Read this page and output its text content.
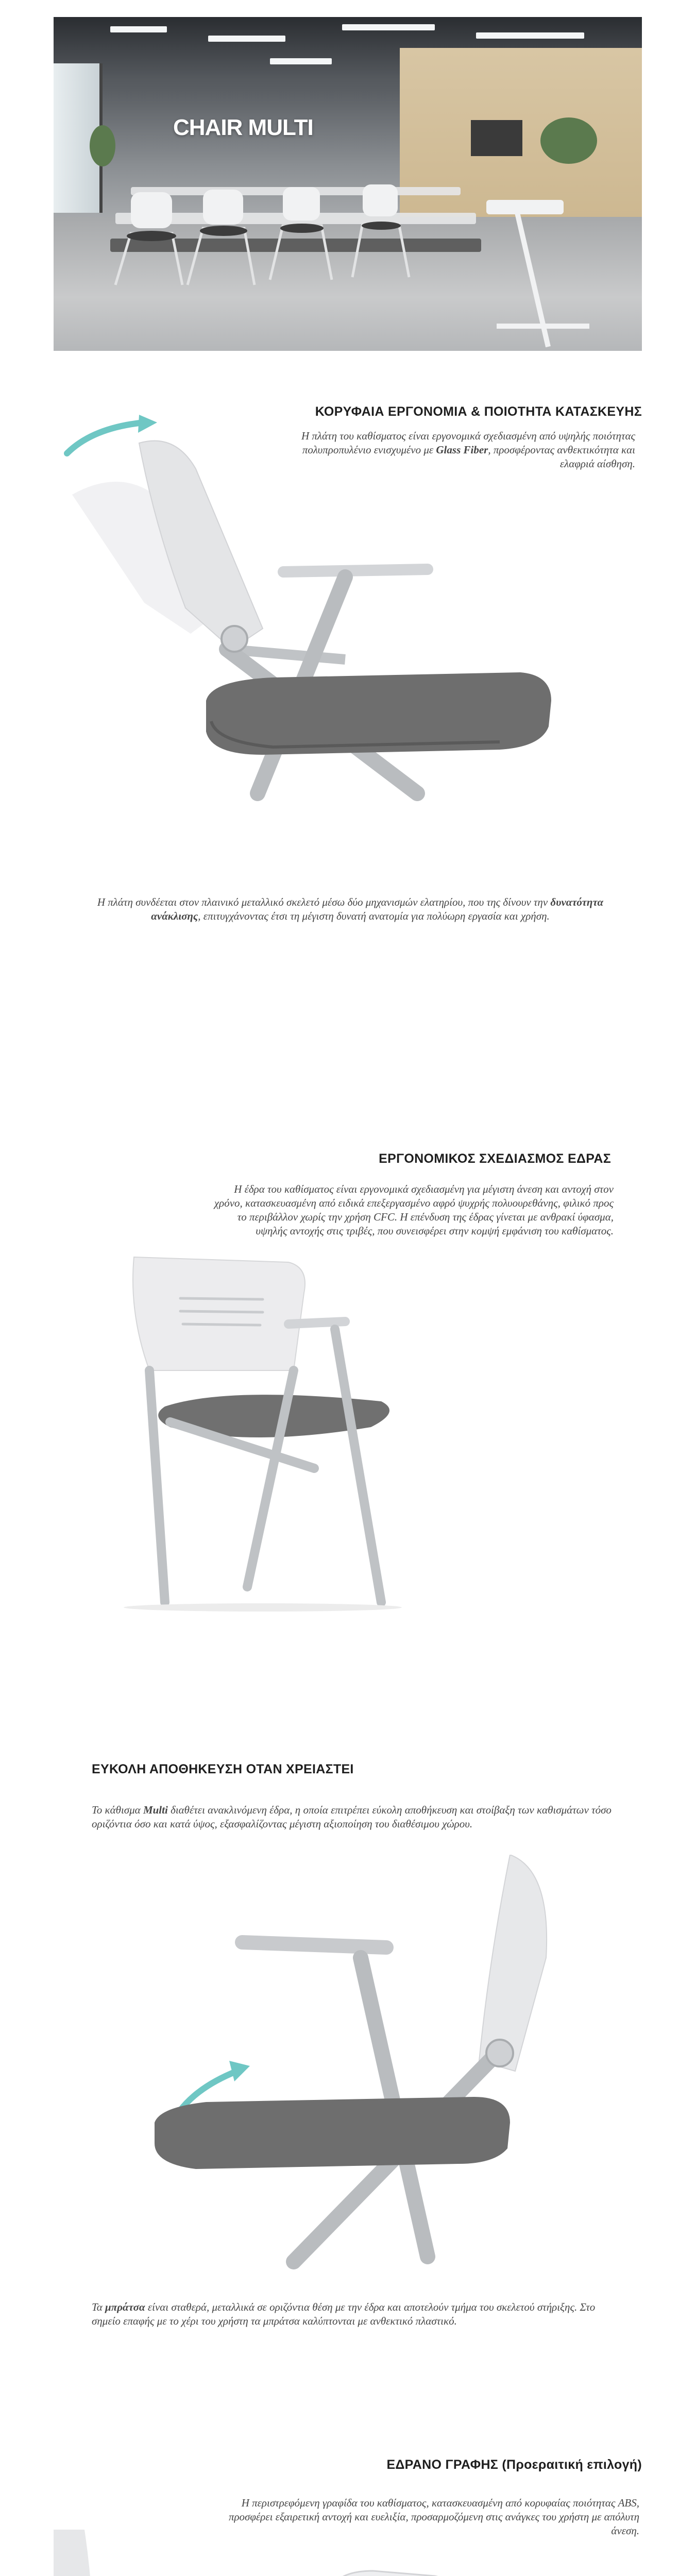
CHAIR MULTI
ΚΟΡΥΦΑΙΑ ΕΡΓΟΝΟΜΙΑ & ΠΟΙΟΤΗΤΑ ΚΑΤΑΣΚΕΥΗΣ
Η πλάτη του καθίσματος είναι εργονομικά σχεδιασμένη από υψηλής ποιότητας πολυπροπυλένιο ενισχυμένο με Glass Fiber, προσφέροντας ανθεκτικότητα και ελαφριά αίσθηση.
Η πλάτη συνδέεται στον πλαινικό μεταλλικό σκελετό μέσω δύο μηχανισμών ελατηρίου, που της δίνουν την δυνατότητα ανάκλισης, επιτυγχάνοντας έτσι τη μέγιστη δυνατή ανατομία για πολύωρη εργασία και χρήση.
ΕΡΓΟΝΟΜΙΚΟΣ ΣΧΕΔΙΑΣΜΟΣ ΕΔΡΑΣ
Η έδρα του καθίσματος είναι εργονομικά σχεδιασμένη για μέγιστη άνεση και αντοχή στον χρόνο, κατασκευασμένη από ειδικά επεξεργασμένο αφρό ψυχρής πολυουρεθάνης, φιλικό προς το περιβάλλον χωρίς την χρήση CFC. Η επένδυση της έδρας γίνεται με ανθρακί ύφασμα, υψηλής αντοχής στις τριβές, που συνεισφέρει στην κομψή εμφάνιση του καθίσματος.
ΕΥΚΟΛΗ ΑΠΟΘΗΚΕΥΣΗ ΟΤΑΝ ΧΡΕΙΑΣΤΕΙ
Το κάθισμα Multi διαθέτει ανακλινόμενη έδρα, η οποία επιτρέπει εύκολη αποθήκευση και στοίβαξη των καθισμάτων τόσο οριζόντια όσο και κατά ύψος, εξασφαλίζοντας μέγιστη αξιοποίηση του διαθέσιμου χώρου.
Τα μπράτσα είναι σταθερά, μεταλλικά σε οριζόντια θέση με την έδρα και αποτελούν τμήμα του σκελετού στήριξης. Στο σημείο επαφής με το χέρι του χρήστη τα μπράτσα καλύπτονται με ανθεκτικό πλαστικό.
ΕΔΡΑΝΟ ΓΡΑΦΗΣ (Προεραιτική επιλογή)
Η περιστρεφόμενη γραφίδα του καθίσματος, κατασκευασμένη από κορυφαίας ποιότητας ABS, προσφέρει εξαιρετική αντοχή και ευελιξία, προσαρμοζόμενη στις ανάγκες του χρήστη με απόλυτη άνεση.
